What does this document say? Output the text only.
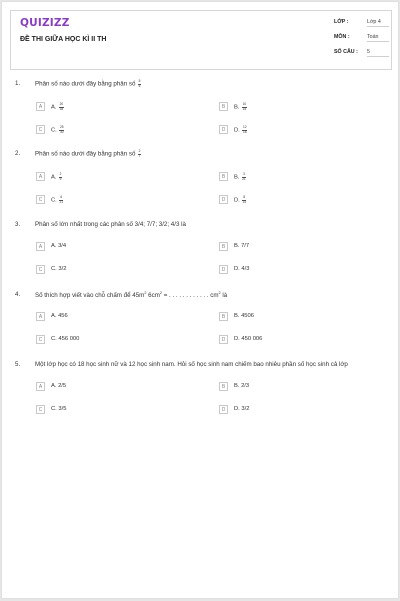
QUIZIZZ
ĐỀ THI GIỮA HỌC KÌ II TH
LỚP :	Lớp 4
MÔN :	Toán
SỐ CÂU : 5
1.	Phân số nào dưới đây bằng phân số $\frac{5}{6}$
A	A. $\frac{20}{18}$	B	B. $\frac{10}{15}$
C	C. $\frac{25}{30}$	D	D. $\frac{12}{18}$
2.	Phân số nào dưới đây bằng phân số $\frac{2}{7}$
A	A. $\frac{2}{9}$	B	B. $\frac{3}{21}$
C	C. $\frac{6}{21}$	D	D. $\frac{8}{14}$
3.	Phân số lớn nhất trong các phân số 3/4; 7/7; 3/2; 4/3 là
A	A. 3/4	B	B. 7/7
C	C. 3/2	D	D. 4/3
4.	Số thích hợp viết vào chỗ chấm để $45m^2$ $6cm^2$ = . . . . . . . . . . . . $cm^2$ là
A	A. 456	B	B. 4506
C	C. 456 000	D	D. 450 006
5.	Một lớp học có 18 học sinh nữ và 12 học sinh nam. Hỏi số học sinh nam chiếm bao nhiêu phần số học sinh cả lớp
A	A. 2/5	B	B. 2/3
C	C. 3/5	D	D. 3/2
